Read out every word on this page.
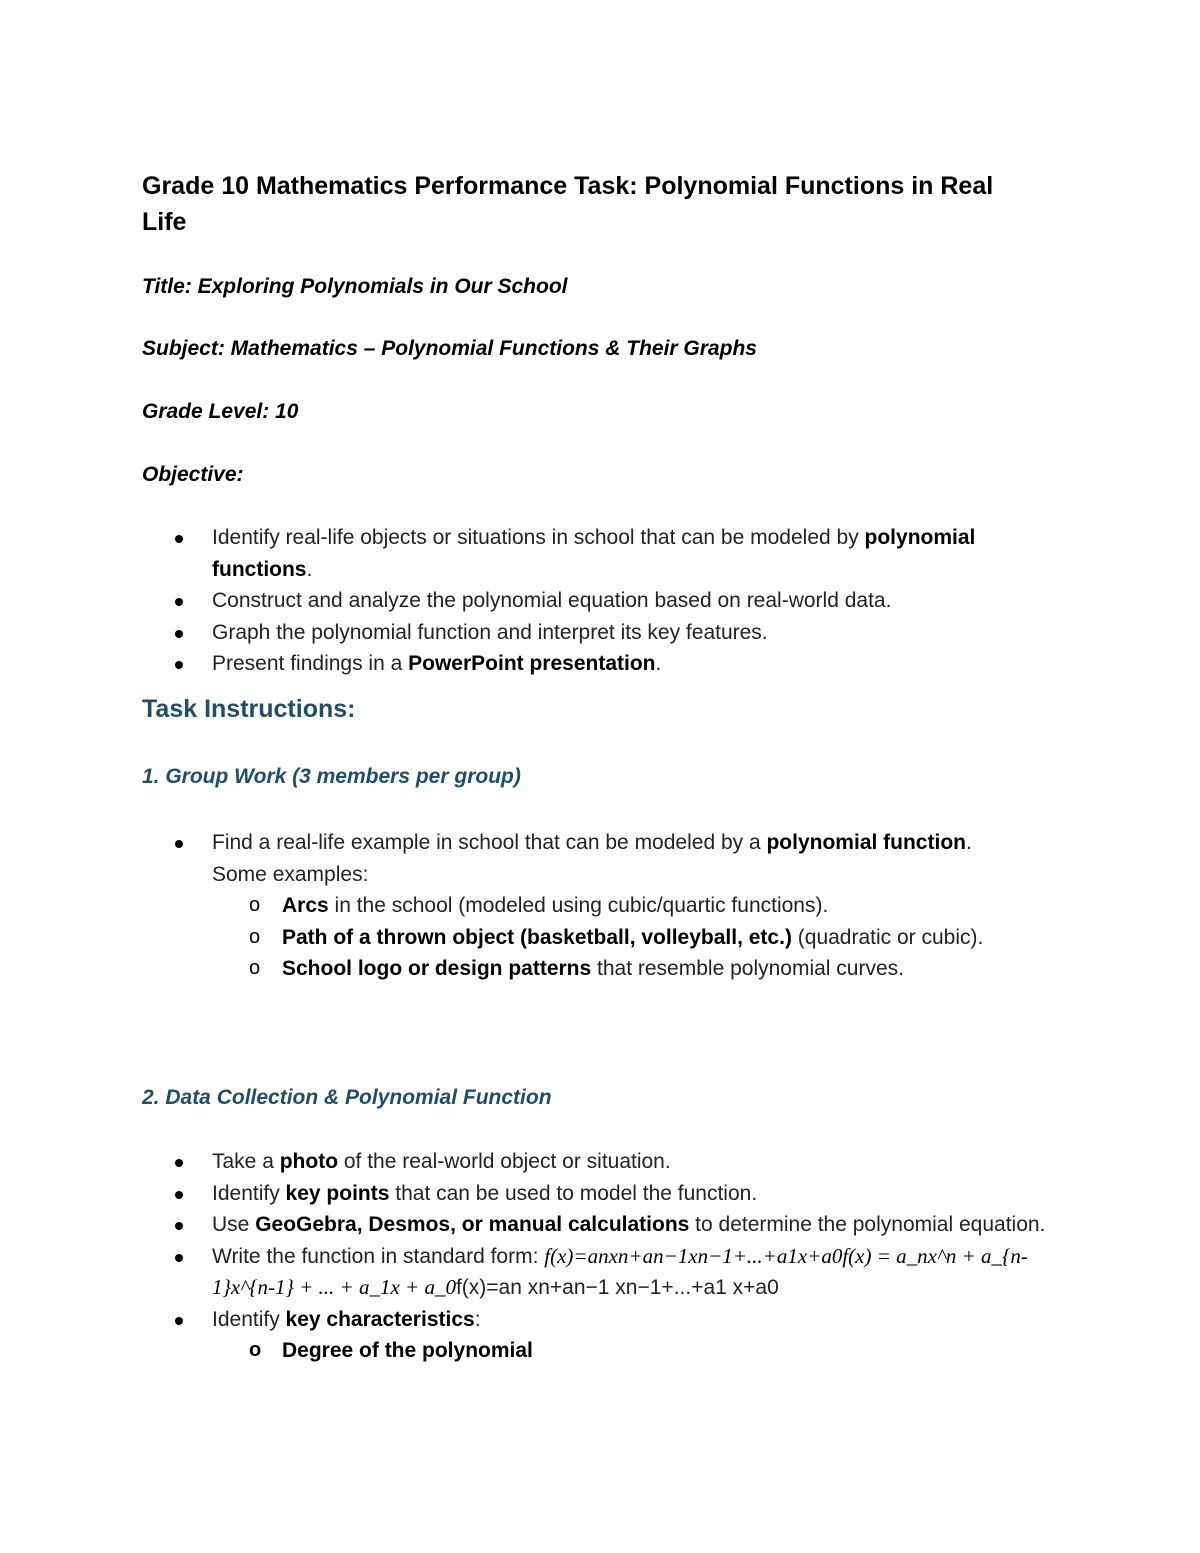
Grade 10 Mathematics Performance Task: Polynomial Functions in Real Life
Title: Exploring Polynomials in Our School
Subject: Mathematics – Polynomial Functions & Their Graphs
Grade Level: 10
Objective:
Identify real-life objects or situations in school that can be modeled by polynomial functions.
Construct and analyze the polynomial equation based on real-world data.
Graph the polynomial function and interpret its key features.
Present findings in a PowerPoint presentation.
Task Instructions:
1. Group Work (3 members per group)
Find a real-life example in school that can be modeled by a polynomial function. Some examples:
o	Arcs in the school (modeled using cubic/quartic functions).
o	Path of a thrown object (basketball, volleyball, etc.) (quadratic or cubic).
o	School logo or design patterns that resemble polynomial curves.
2. Data Collection & Polynomial Function
Take a photo of the real-world object or situation.
Identify key points that can be used to model the function.
Use GeoGebra, Desmos, or manual calculations to determine the polynomial equation.
Write the function in standard form: f(x)=anxn+an−1xn−1+...+a1x+a0f(x) = a_nx^n + a_{n-1}x^{n-1} + ... + a_1x + a_0f(x)=an xn+an−1 xn−1+...+a1 x+a0
Identify key characteristics:
o Degree of the polynomial
